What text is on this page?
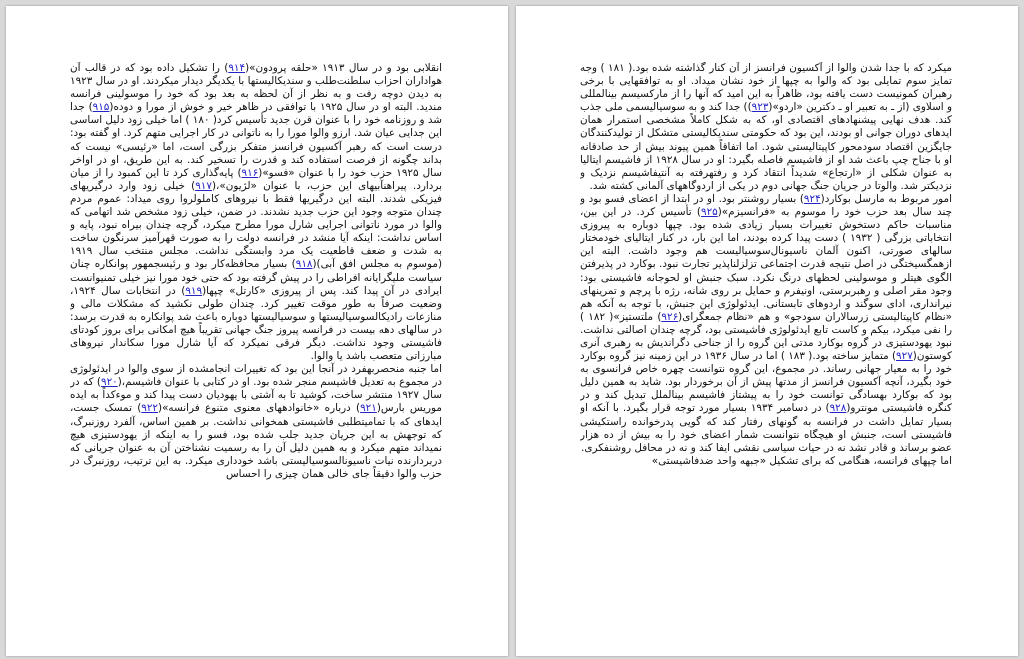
انقلابی بود و در سال ۱۹۱۳ «حلقه پرودون»(۹۱۴) را تشکیل داده بود که در قالب آن هواداران احزاب سلطنت‌طلب و سندیکالیستها با یکدیگر دیدار میکردند. او در سال ۱۹۲۳ به دیدن دوچه رفت و به نظر از آن لحظه به بعد بود که خود را موسولینی فرانسه مندید. البته او در سال ۱۹۲۵ با توافقی در ظاهر خیر و خوش از مورا و دوده(۹۱۵) جدا شد و روزنامه خود را با عنوان قرن جدید تأسیس کرد( ۱۸۰ ) اما خیلی زود دلیل اساسی این جدایی عیان شد. ارزو والوا مورا را به ناتوانی در کار اجرایی متهم کرد. او گفته بود: درست است که رهبر آکسیون فرانسز متفکر بزرگی است، اما «رئیسی» نیست که بداند چگونه از فرصت استفاده کند و قدرت را تسخیر کند. به این طریق، او در اواخر سال ۱۹۲۵ حزب خود را با عنوان «فسو»(۹۱۶) پایه‌گذاری کرد تا این کمبود را از میان بردارد. پیراهنآبیهای این حزب، با عنوان «لژیون»،(۹۱۷) خیلی زود وارد درگیریهای فیزیکی شدند. البته این درگیریها فقط با نیروهای کاملولروا روی میداد: عموم مردم چندان متوجه وجود این حزب جدید نشدند. در ضمن، خیلی زود مشخص شد اتهامی که والوا در مورد ناتوانی اجرایی شارل مورا مطرح میکرد، گرچه چندان بیراه نبود، پایه و اساس نداشت: اینکه آیا منشد در فرانسه دولت را به صورت قهرآمیز سرنگون ساخت به شدت و ضعف قاطعیت یک مرد وابستگی نداشت. مجلس منتخب سال ۱۹۱۹ (موسوم به مجلس افق آبی)(۹۱۸) بسیار محافظه‌کار بود و رئیسجمهور پوانکاره چنان سیاست ملیگرایانه افراطی را در پیش گرفته بود که حتی خود مورا نیز خیلی تمنیوانست ایرادی در آن پیدا کند. پس از پیروزی «کارتل» چپها(۹۱۹) در انتخابات سال ۱۹۲۴، وضعیت صرفاً به طور موقت تغییر کرد. چندان طولی نکشید که مشکلات مالی و منازعات رادیکالسوسیالیستها و سوسیالیستها دوباره باعث شد پوانکاره به قدرت برسد: در سالهای دهه بیست در فرانسه پیروز جنگ جهانی تقریباً هیچ امکانی برای بروز کودتای فاشیستی وجود نداشت. دیگر فرقی نمیکرد که آیا شارل مورا سکاندار نیروهای مبارزاتی متعصب باشد یا والوا.

اما جنبه منحصربهفرد در آنجا این بود که تغییرات انجامشده از سوی والوا در ایدئولوژی در مجموع به تعدیل فاشیسم منجر شده بود. او در کتابی با عنوان فاشیسم،(۹۲۰) که در سال ۱۹۲۷ منتشر ساخت، کوشید تا به آشتی با یهودیان دست پیدا کند و موءکداً به ایده موریس بارس(۹۲۱) درباره «خانوادههای معنوی متنوع فرانسه»(۹۲۲) تمسک جست، ایدهای که با تمامیتطلبی فاشیستی همخوانی نداشت. بر همین اساس، آلفرد روزنبرگ، که توجهش به این جریان جدید جلب شده بود، فسو را به اینکه از یهودستیزی هیچ نمیداند متهم میکرد و به همین دلیل آن را به رسمیت نشناختن آن به عنوان جریانی که دربردارنده نیات ناسیونالسوسیالیستی باشد خودداری میکرد. به این ترتیب، روزنبرگ در حزب والوا دقیقاً جای خالی همان چیزی را احساس

میکرد که با جدا شدن والوا از آکسیون فرانسز از آن کنار گذاشته شده بود.( ۱۸۱ ) وجه تمایز سوم تمایلی بود که والوا به چپها از خود نشان میداد. او به توافقهایی با برخی رهبران کمونیست دست یافته بود، ظاهراً به این امید که آنها را از مارکسیسم بینالمللی و اسلاوی (از ـ به تعبیر او ـ دکترین «اردو»(۹۲۳)) جدا کند و به سوسیالیسمی ملی جذب کند. هدف نهایی پیشنهادهای اقتصادی او، که به شکل کاملاً مشخصی استمرار همان ایدهای دوران جوانی او بودند، این بود که حکومتی سندیکالیستی متشکل از تولیدکنندگان جایگزین اقتصاد سودمحور کاپیتالیستی شود. اما اتفاقاً همین پیوند بیش از حد صادقانه او با جناح چپ باعث شد او از فاشیسم فاصله بگیرد: او در سال ۱۹۲۸ از فاشیسم ایتالیا به عنوان شکلی از «ارتجاع» شدیداً انتقاد کرد و رفتهرفته به آنتیفاشیسم نزدیک و نزدیکتر شد. والوتا در جریان جنگ جهانی دوم در یکی از اردوگاههای آلمانی کشته شد.

امور مربوط به مارسل بوکارد(۹۲۴) بسیار روشنتر بود. او در ابتدا از اعضای فسو بود و چند سال بعد حزب خود را موسوم به «فرانسیزم»(۹۲۵) تأسیس کرد. در این بین، مناسبات حاکم دستخوش تغییرات بسیار زیادی شده بود. چپها دوباره به پیروزی انتخاباتی بزرگی ( ۱۹۳۲ ) دست پیدا کرده بودند، اما این بار، در کنار ایتالیای خودمختار سالهای صورتی، اکنون آلمان ناسیونال‌سوسیالیست هم وجود داشت. البته این ازهمگسیختگی در اصل نتیجه قدرت اجتماعی تزلزلناپذیر تجارت نبود. بوکارد در پذیرفتن الگوی هیتلر و موسولینی لحظهای درنگ نکرد. سبک جنبش او لحوجانه فاشیستی بود: وجود مقر اصلی و رهبربرستی، اونیفرم و حمایل بر روی شانه، رژه با پرچم و تمرینهای نیرانداری، ادای سوگند و اردوهای تابستانی. ایدئولوژی این جنبش، با توجه به آنکه هم «نظام کاپیتالیستی زرسالاران سودجو» و هم «نظام جمعگرای(۹۲۶) ملتستیز»( ۱۸۲ ) را نفی میکرد، بیکم و کاست تابع ایدئولوژی فاشیستی بود، گرچه چندان اصالتی نداشت. نبود یهودستیزی در گروه بوکارد مدتی این گروه را از جناحی دگراندیش به رهبری آنری کوستون(۹۲۷) متمایز ساخته بود.( ۱۸۳ ) اما در سال ۱۹۳۶ در این زمینه نیز گروه بوکارد خود را به معیار جهانی رساند. در مجموع، این گروه نتوانست چهره خاص فرانسوی به خود بگیرد، آنچه آکسیون فرانسز از مدتها پیش از آن برخوردار بود. شاید به همین دلیل بود که بوکارد بهسادگی توانست خود را به پیشتاز فاشیسم بینالملل تبدیل کند و در کنگره فاشیستی مونترو(۹۲۸) در دسامبر ۱۹۳۴ بسیار مورد توجه قرار بگیرد. با آنکه او بسیار تمایل داشت در فرانسه به گونهای رفتار کند که گویی پدرخوانده راستکیشی فاشیستی است، جنبش او هیچگاه نتوانست شمار اعضای خود را به بیش از ده هزار عضو برساند و قادر نشد نه در حیات سیاسی نقشی ایفا کند و نه در محافل روشنفکری.

اما چپهای فرانسه، هنگامی که برای تشکیل «جبهه واحد ضدفاشیستی»
